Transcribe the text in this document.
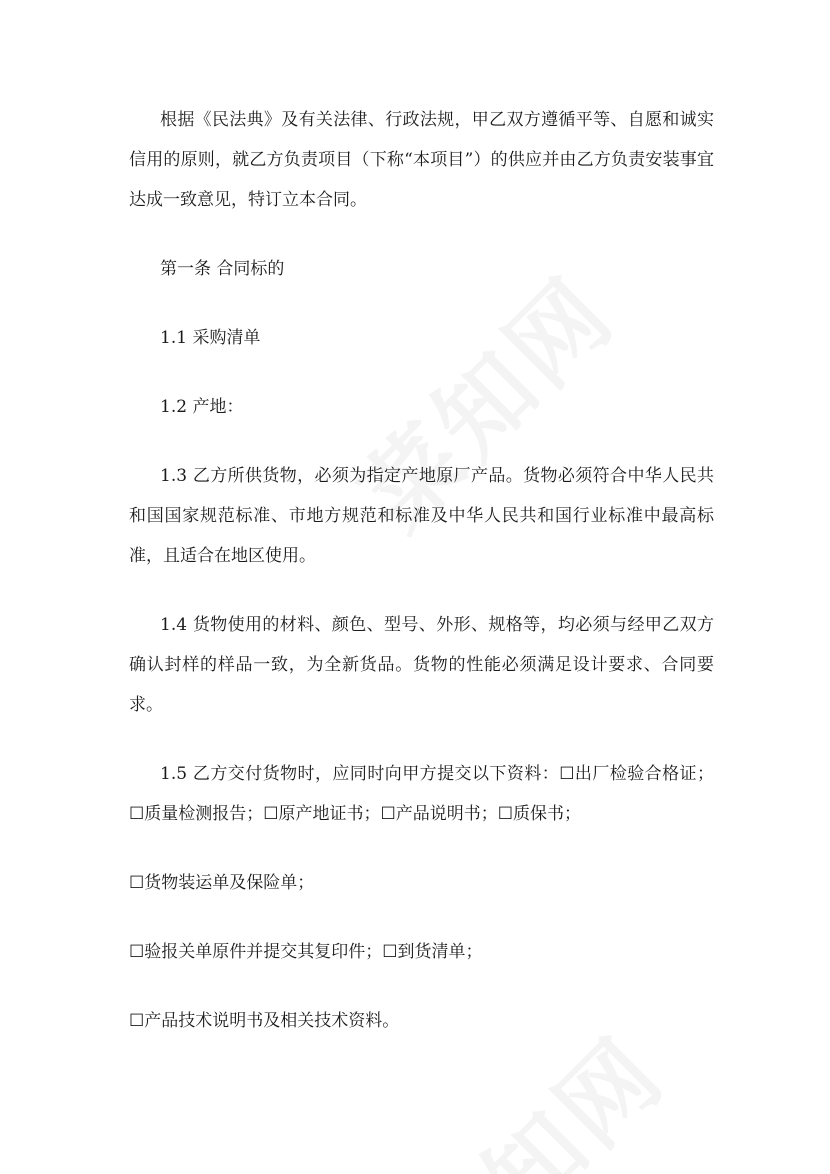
根据《民法典》及有关法律、行政法规，甲乙双方遵循平等、自愿和诚实信用的原则，就乙方负责项目（下称“本项目”）的供应并由乙方负责安装事宜达成一致意见，特订立本合同。

第一条 合同标的

1.1 采购清单

1.2 产地：

1.3 乙方所供货物，必须为指定产地原厂产品。货物必须符合中华人民共和国国家规范标准、市地方规范和标准及中华人民共和国行业标准中最高标准，且适合在地区使用。

1.4 货物使用的材料、颜色、型号、外形、规格等，均必须与经甲乙双方确认封样的样品一致，为全新货品。货物的性能必须满足设计要求、合同要求。

1.5 乙方交付货物时，应同时向甲方提交以下资料：☐出厂检验合格证；☐质量检测报告；☐原产地证书；☐产品说明书；☐质保书；

☐货物装运单及保险单；

☐验报关单原件并提交其复印件；☐到货清单；

☐产品技术说明书及相关技术资料。
